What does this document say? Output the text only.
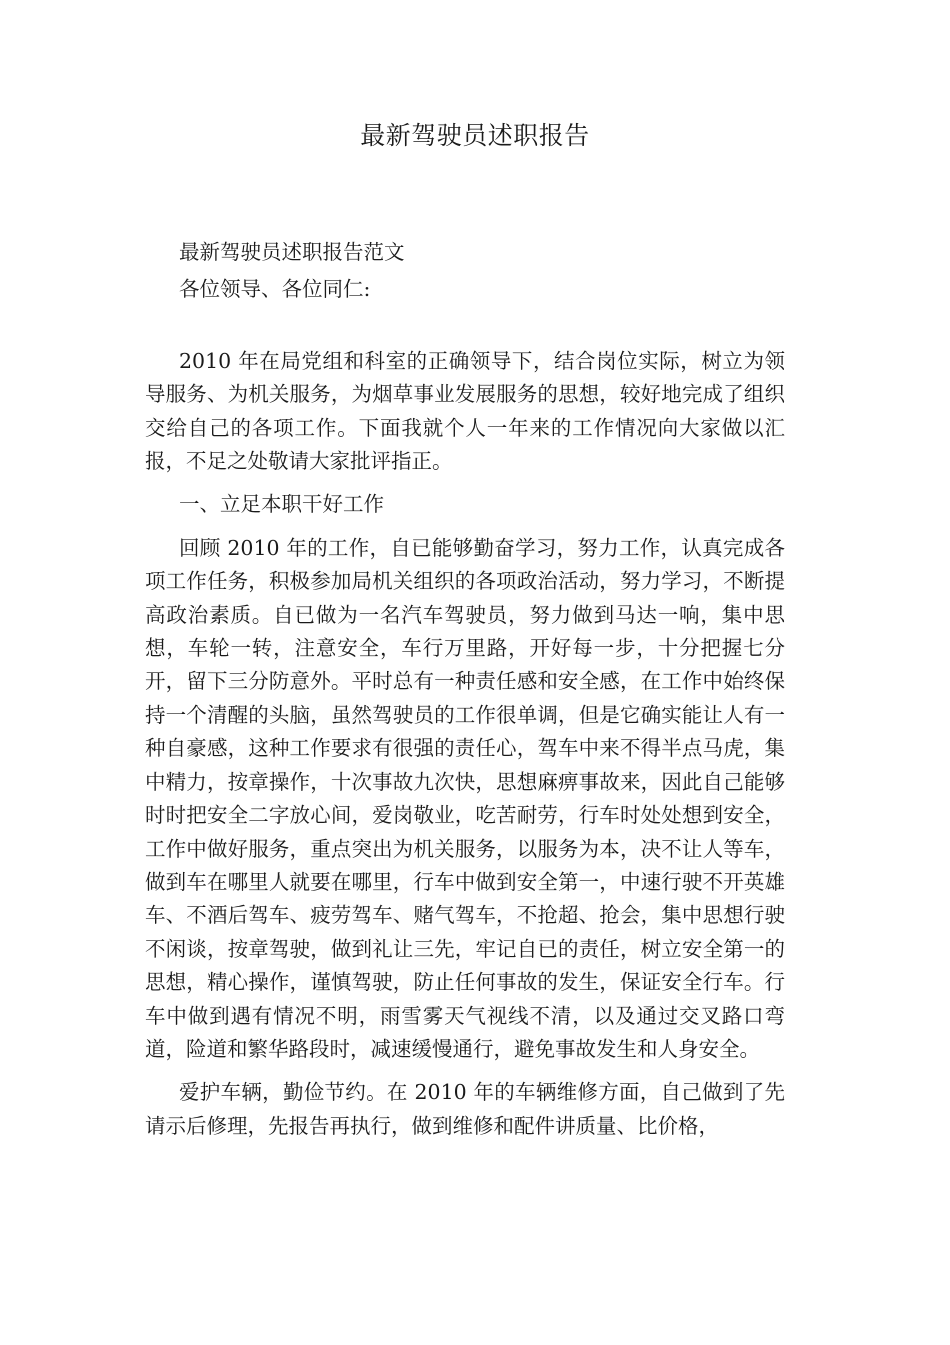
最新驾驶员述职报告

最新驾驶员述职报告范文

各位领导、各位同仁:

2010 年在局党组和科室的正确领导下，结合岗位实际，树立为领导服务、为机关服务，为烟草事业发展服务的思想，较好地完成了组织交给自己的各项工作。下面我就个人一年来的工作情况向大家做以汇报，不足之处敬请大家批评指正。

一、立足本职干好工作

回顾 2010 年的工作，自已能够勤奋学习，努力工作，认真完成各项工作任务，积极参加局机关组织的各项政治活动，努力学习，不断提高政治素质。自已做为一名汽车驾驶员，努力做到马达一响，集中思想，车轮一转，注意安全，车行万里路，开好每一步，十分把握七分开，留下三分防意外。平时总有一种责任感和安全感，在工作中始终保持一个清醒的头脑，虽然驾驶员的工作很单调，但是它确实能让人有一种自豪感，这种工作要求有很强的责任心，驾车中来不得半点马虎，集中精力，按章操作，十次事故九次快，思想麻痹事故来，因此自己能够时时把安全二字放心间，爱岗敬业，吃苦耐劳，行车时处处想到安全，工作中做好服务，重点突出为机关服务，以服务为本，决不让人等车，做到车在哪里人就要在哪里，行车中做到安全第一，中速行驶不开英雄车、不酒后驾车、疲劳驾车、赌气驾车，不抢超、抢会，集中思想行驶不闲谈，按章驾驶，做到礼让三先，牢记自已的责任，树立安全第一的思想，精心操作，谨慎驾驶，防止任何事故的发生，保证安全行车。行车中做到遇有情况不明，雨雪雾天气视线不清，以及通过交叉路口弯道，险道和繁华路段时，减速缓慢通行，避免事故发生和人身安全。

爱护车辆，勤俭节约。在 2010 年的车辆维修方面，自己做到了先请示后修理，先报告再执行，做到维修和配件讲质量、比价格，
